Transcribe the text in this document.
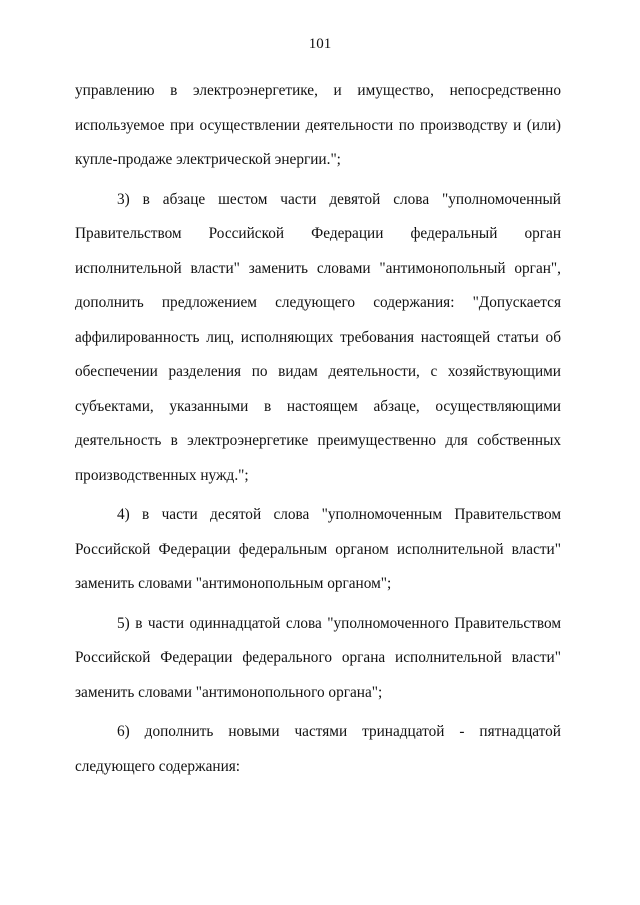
101
управлению в электроэнергетике, и имущество, непосредственно
используемое при осуществлении деятельности по производству и (или)
купле-продаже электрической энергии.";
3) в абзаце шестом части девятой слова "уполномоченный
Правительством Российской Федерации федеральный орган
исполнительной власти" заменить словами "антимонопольный орган",
дополнить предложением следующего содержания: "Допускается
аффилированность лиц, исполняющих требования настоящей статьи об
обеспечении разделения по видам деятельности, с хозяйствующими
субъектами, указанными в настоящем абзаце, осуществляющими
деятельность в электроэнергетике преимущественно для собственных
производственных нужд.";
4) в части десятой слова "уполномоченным Правительством
Российской Федерации федеральным органом исполнительной власти"
заменить словами "антимонопольным органом";
5) в части одиннадцатой слова "уполномоченного Правительством
Российской Федерации федерального органа исполнительной власти"
заменить словами "антимонопольного органа";
6) дополнить новыми частями тринадцатой - пятнадцатой
следующего содержания:
